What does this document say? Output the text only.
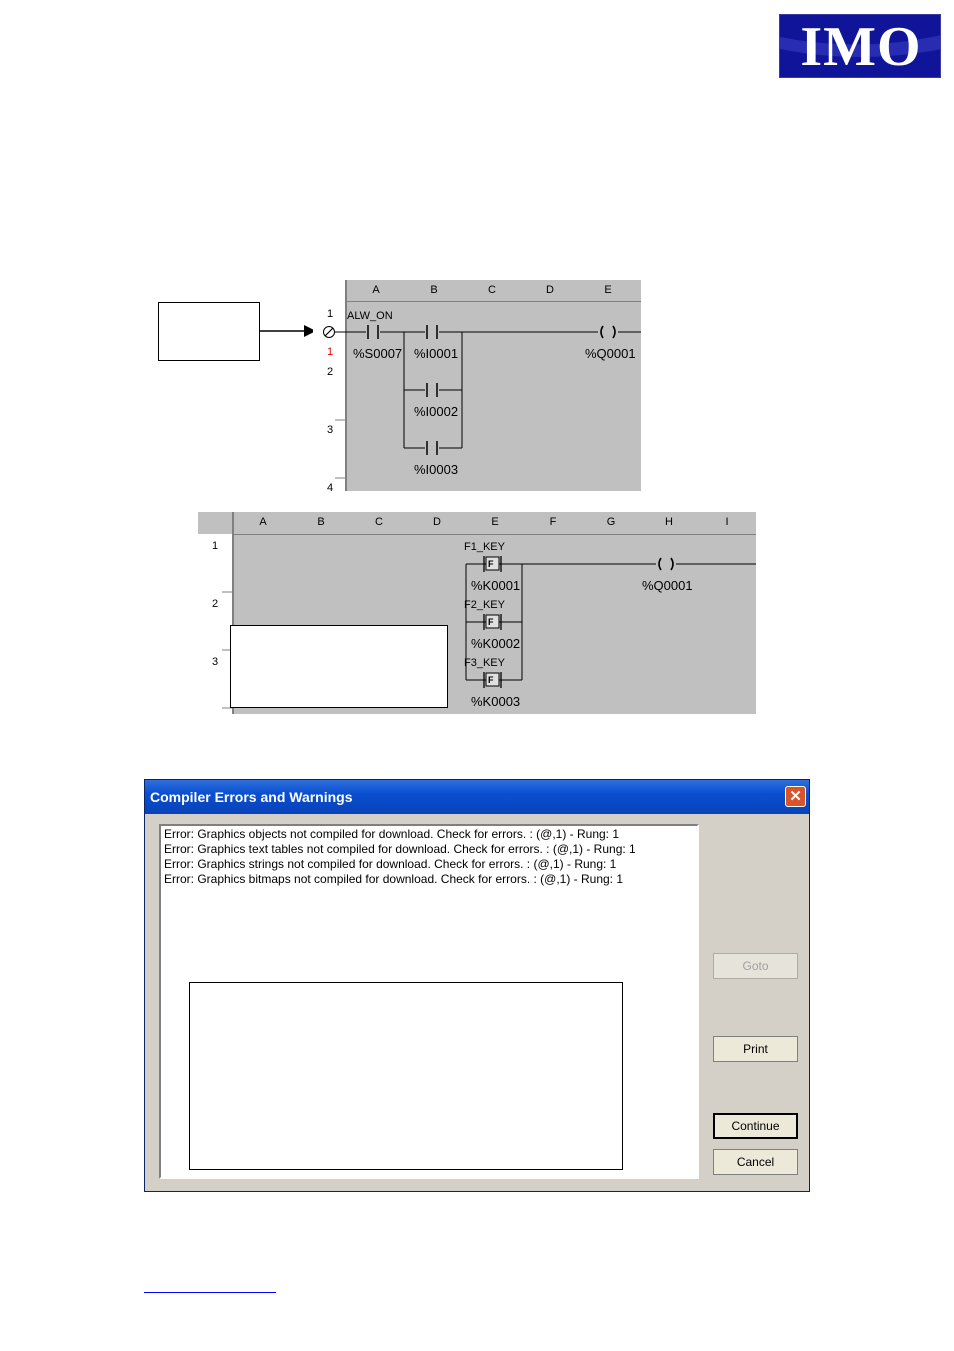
IMO
A	B	C	D	E
1
1
2
3
4
ALW_ON
%S0007 %I0001
%I0002
%I0003
%Q0001
A	B	C	D	E	F	G	H	I
1
2
3
F
F
F
F1_KEY
%K0001
F2_KEY
%K0002
F3_KEY
%K0003
%Q0001
Compiler Errors and Warnings	✕
Error: Graphics objects not compiled for download. Check for errors. : (@,1) - Rung: 1
Error: Graphics text tables not compiled for download. Check for errors. : (@,1) - Rung: 1
Error: Graphics strings not compiled for download. Check for errors. : (@,1) - Rung: 1
Error: Graphics bitmaps not compiled for download. Check for errors. : (@,1) - Rung: 1
Goto
Print
Continue
Cancel
